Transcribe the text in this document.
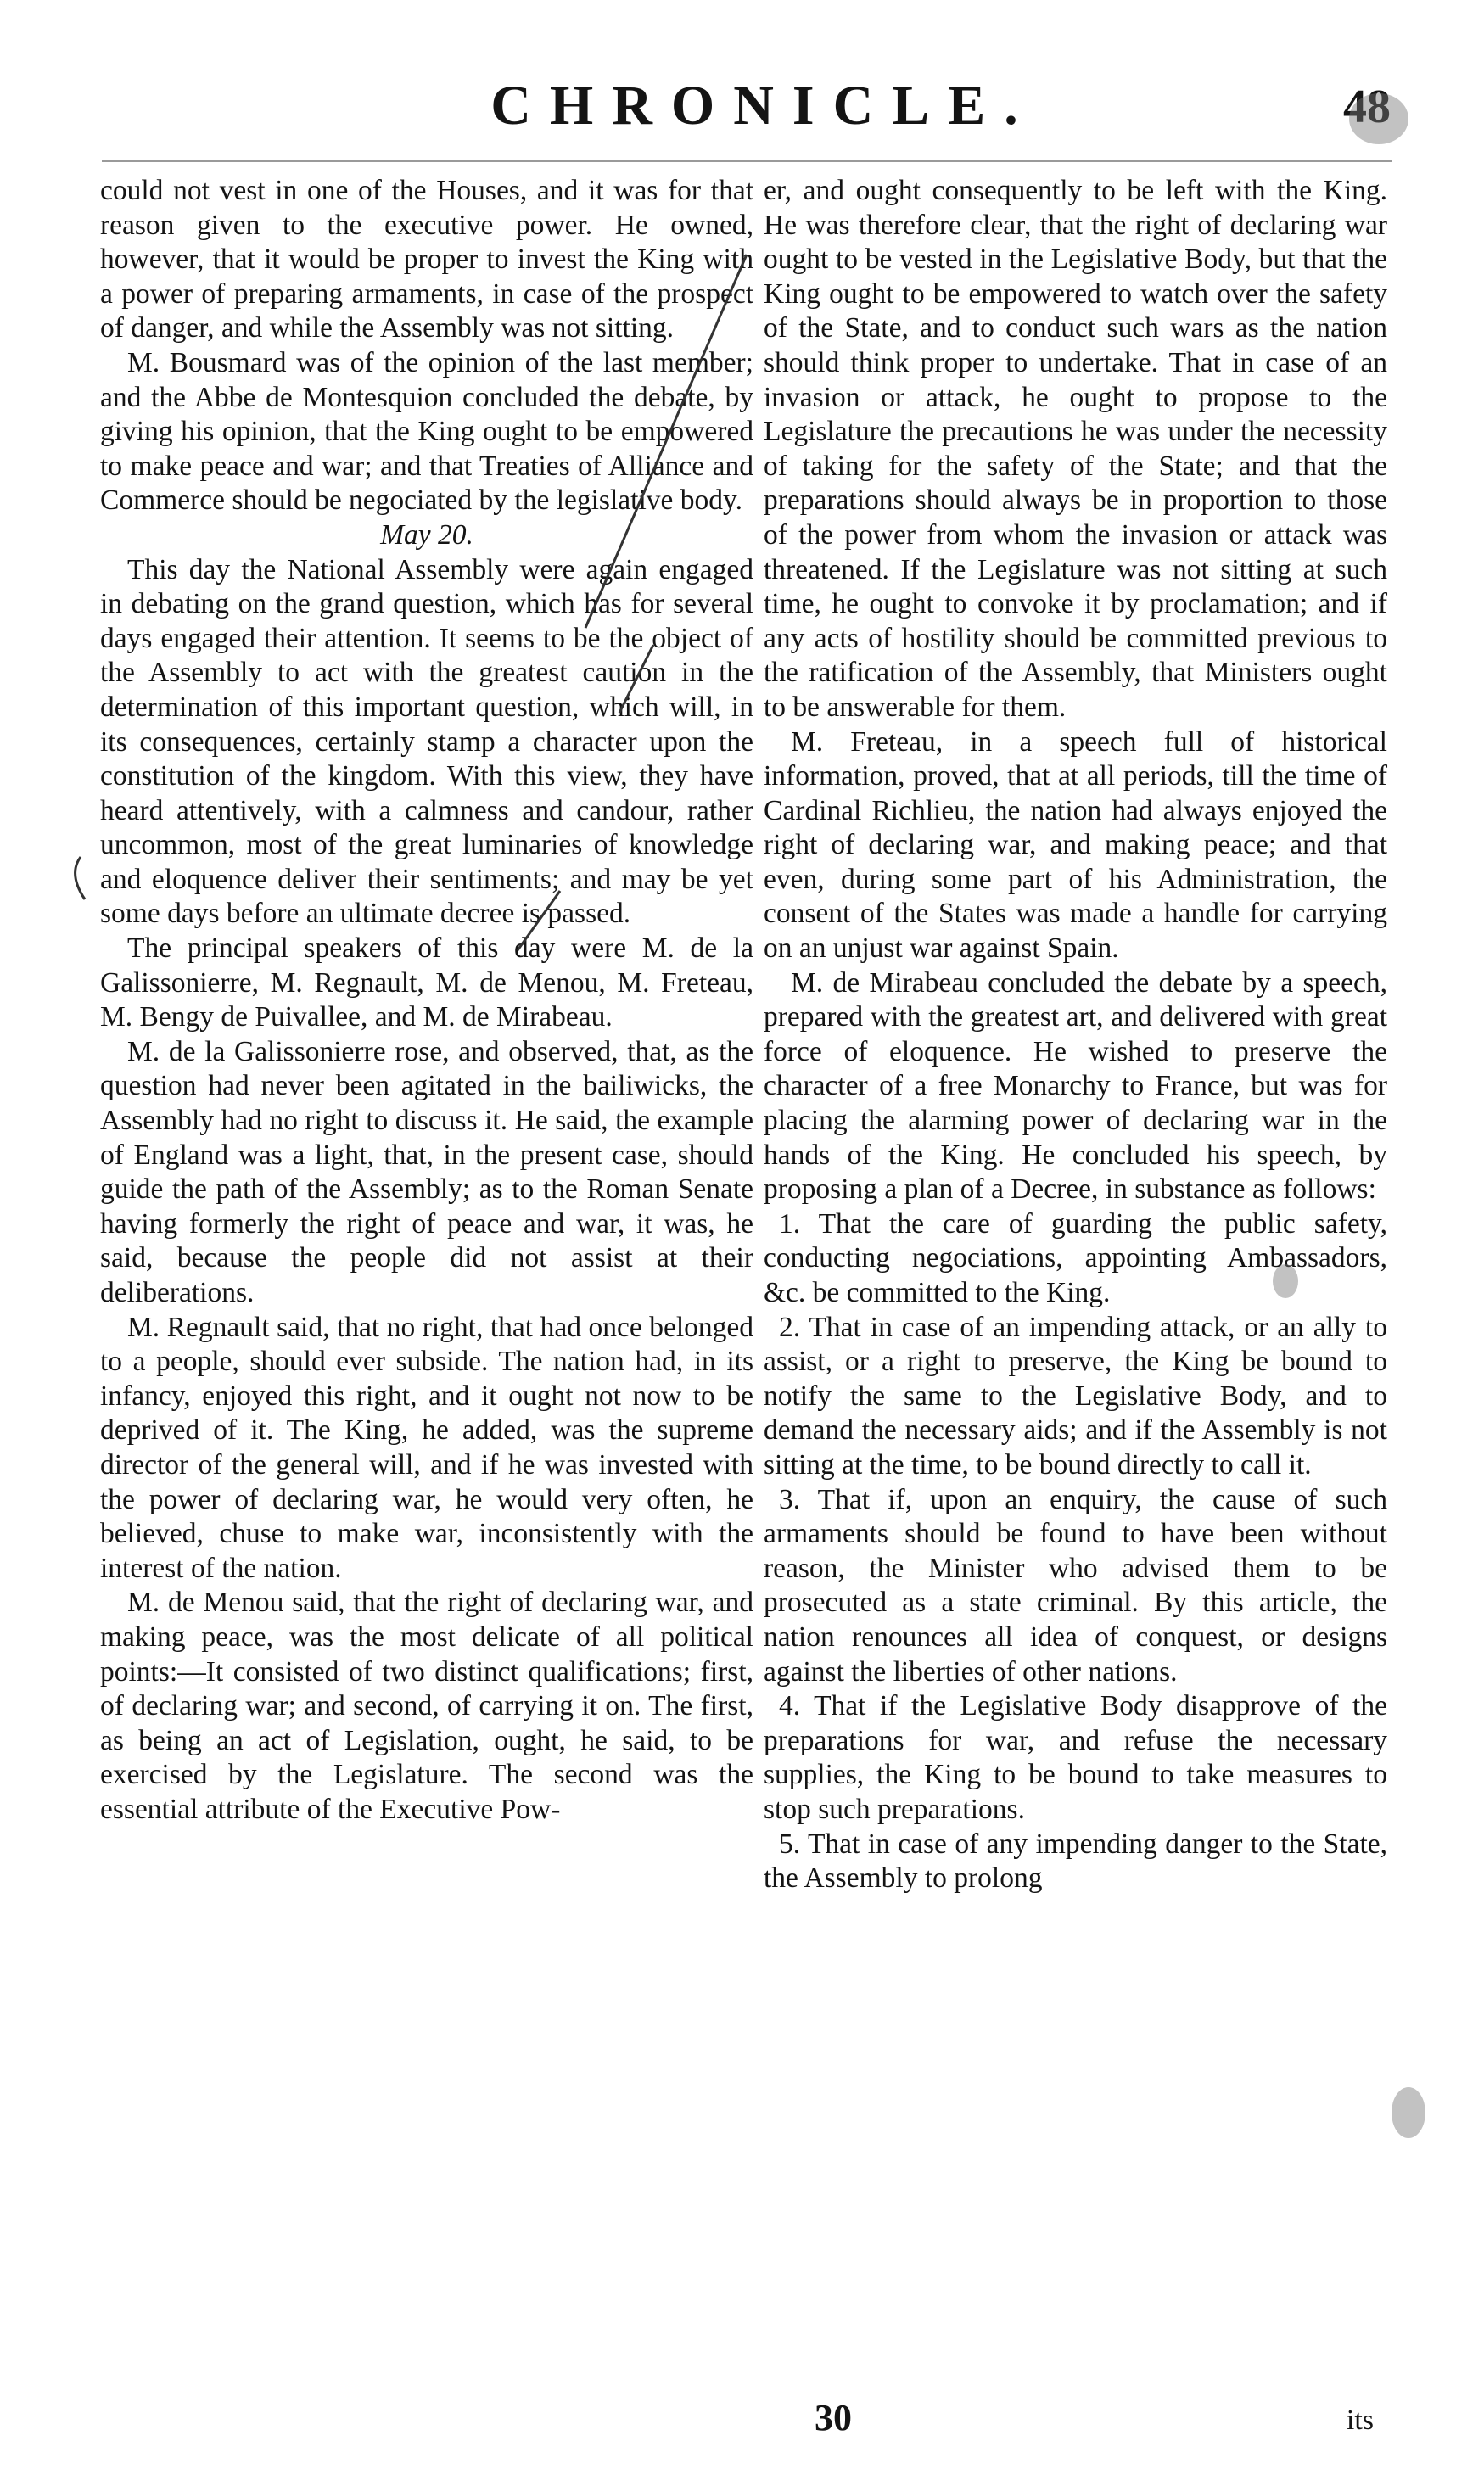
CHRONICLE.	48

could not vest in one of the Houses, and it was for that reason given to the executive power. He owned, however, that it would be proper to invest the King with a power of preparing armaments, in case of the prospect of danger, and while the Assembly was not sitting.

M. Bousmard was of the opinion of the last member; and the Abbe de Montesquion concluded the debate, by giving his opinion, that the King ought to be empowered to make peace and war; and that Treaties of Alliance and Commerce should be negociated by the legislative body.

May 20.

This day the National Assembly were again engaged in debating on the grand question, which has for several days engaged their attention. It seems to be the object of the Assembly to act with the greatest caution in the determination of this important question, which will, in its consequences, certainly stamp a character upon the constitution of the kingdom. With this view, they have heard attentively, with a calmness and candour, rather uncommon, most of the great luminaries of knowledge and eloquence deliver their sentiments; and may be yet some days before an ultimate decree is passed.

The principal speakers of this day were M. de la Galissonierre, M. Regnault, M. de Menou, M. Freteau, M. Bengy de Puivallee, and M. de Mirabeau.

M. de la Galissonierre rose, and observed, that, as the question had never been agitated in the bailiwicks, the Assembly had no right to discuss it. He said, the example of England was a light, that, in the present case, should guide the path of the Assembly; as to the Roman Senate having formerly the right of peace and war, it was, he said, because the people did not assist at their deliberations.

M. Regnault said, that no right, that had once belonged to a people, should ever subside. The nation had, in its infancy, enjoyed this right, and it ought not now to be deprived of it. The King, he added, was the supreme director of the general will, and if he was invested with the power of declaring war, he would very often, he believed, chuse to make war, inconsistently with the interest of the nation.

M. de Menou said, that the right of declaring war, and making peace, was the most delicate of all political points:—It consisted of two distinct qualifications; first, of declaring war; and second, of carrying it on. The first, as being an act of Legislation, ought, he said, to be exercised by the Legislature. The second was the essential attribute of the Executive Pow-

er, and ought consequently to be left with the King. He was therefore clear, that the right of declaring war ought to be vested in the Legislative Body, but that the King ought to be empowered to watch over the safety of the State, and to conduct such wars as the nation should think proper to undertake. That in case of an invasion or attack, he ought to propose to the Legislature the precautions he was under the necessity of taking for the safety of the State; and that the preparations should always be in proportion to those of the power from whom the invasion or attack was threatened. If the Legislature was not sitting at such time, he ought to convoke it by proclamation; and if any acts of hostility should be committed previous to the ratification of the Assembly, that Ministers ought to be answerable for them.

M. Freteau, in a speech full of historical information, proved, that at all periods, till the time of Cardinal Richlieu, the nation had always enjoyed the right of declaring war, and making peace; and that even, during some part of his Administration, the consent of the States was made a handle for carrying on an unjust war against Spain.

M. de Mirabeau concluded the debate by a speech, prepared with the greatest art, and delivered with great force of eloquence. He wished to preserve the character of a free Monarchy to France, but was for placing the alarming power of declaring war in the hands of the King. He concluded his speech, by proposing a plan of a Decree, in substance as follows:

1. That the care of guarding the public safety, conducting negociations, appointing Ambassadors, &c. be committed to the King.

2. That in case of an impending attack, or an ally to assist, or a right to preserve, the King be bound to notify the same to the Legislative Body, and to demand the necessary aids; and if the Assembly is not sitting at the time, to be bound directly to call it.

3. That if, upon an enquiry, the cause of such armaments should be found to have been without reason, the Minister who advised them to be prosecuted as a state criminal. By this article, the nation renounces all idea of conquest, or designs against the liberties of other nations.

4. That if the Legislative Body disapprove of the preparations for war, and refuse the necessary supplies, the King to be bound to take measures to stop such preparations.

5. That in case of any impending danger to the State, the Assembly to prolong

30	its
